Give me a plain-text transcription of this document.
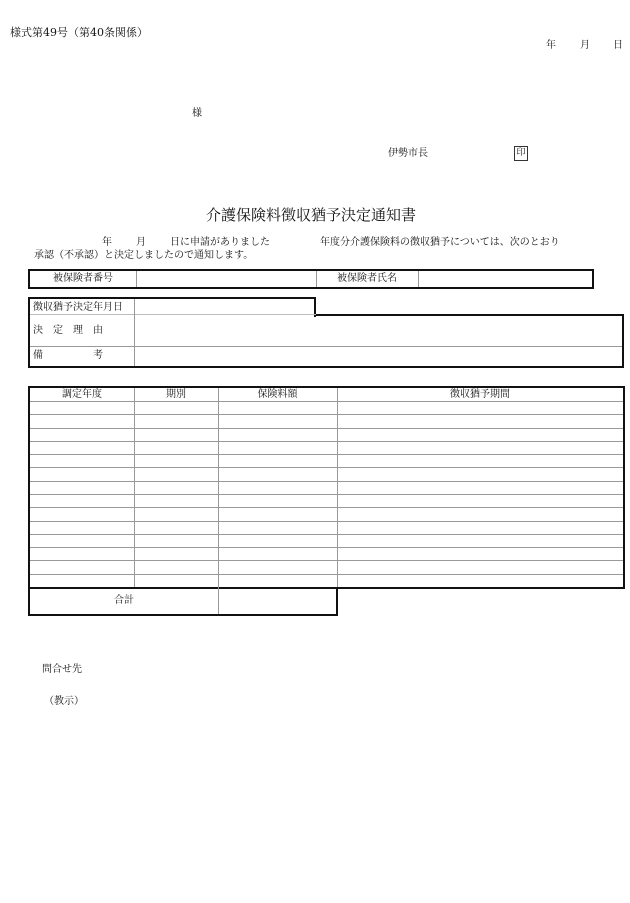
様式第49号（第40条関係）
年 月 日
様
伊勢市長	印
介護保険料徴収猶予決定通知書
年 月 日に申請がありました	年度分介護保険料の徴収猶予については、次のとおり
承認（不承認）と決定しましたので通知します。
被保険者番号	被保険者氏名
徴収猶予決定年月日
決　定　理　由
備　　　　　考
調定年度	期別	保険料額	徴収猶予期間
合計
問合せ先
（教示）
